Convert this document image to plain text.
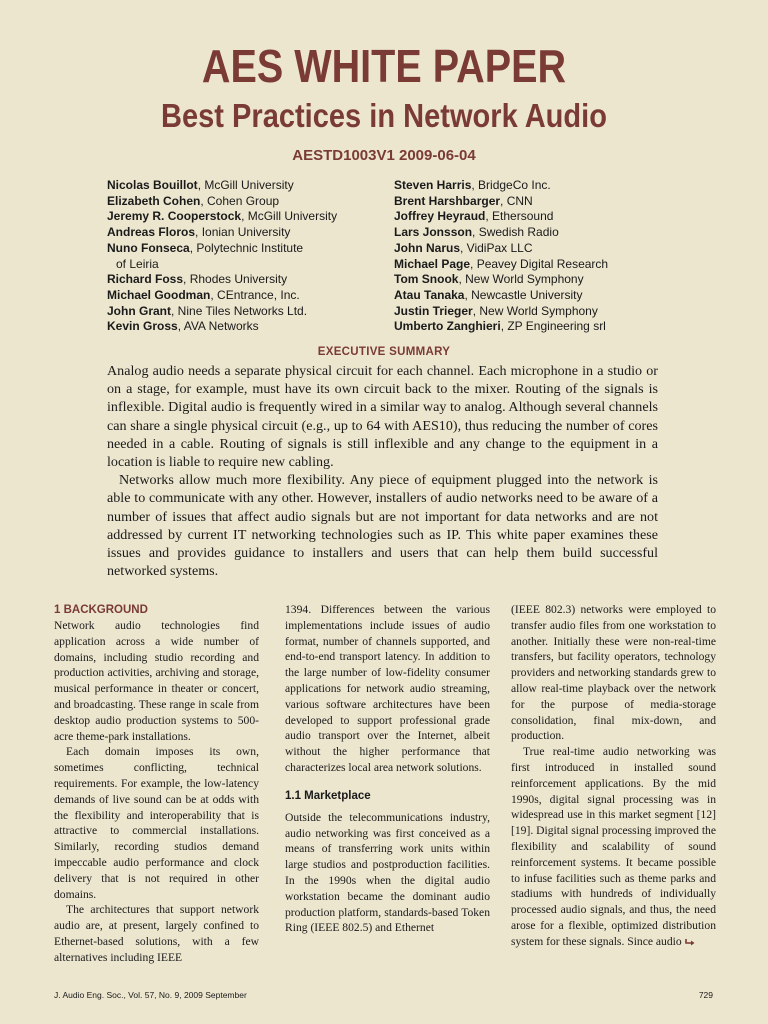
AES WHITE PAPER
Best Practices in Network Audio
AESTD1003V1 2009-06-04
Nicolas Bouillot, McGill University
Elizabeth Cohen, Cohen Group
Jeremy R. Cooperstock, McGill University
Andreas Floros, Ionian University
Nuno Fonseca, Polytechnic Institute
of Leiria
Richard Foss, Rhodes University
Michael Goodman, CEntrance, Inc.
John Grant, Nine Tiles Networks Ltd.
Kevin Gross, AVA Networks
Steven Harris, BridgeCo Inc.
Brent Harshbarger, CNN
Joffrey Heyraud, Ethersound
Lars Jonsson, Swedish Radio
John Narus, VidiPax LLC
Michael Page, Peavey Digital Research
Tom Snook, New World Symphony
Atau Tanaka, Newcastle University
Justin Trieger, New World Symphony
Umberto Zanghieri, ZP Engineering srl
EXECUTIVE SUMMARY

Analog audio needs a separate physical circuit for each channel. Each microphone in a studio or on a stage, for example, must have its own circuit back to the mixer. Routing of the signals is inflexible. Digital audio is frequently wired in a similar way to analog. Although several channels can share a single physical circuit (e.g., up to 64 with AES10), thus reducing the number of cores needed in a cable. Routing of signals is still inflexible and any change to the equipment in a location is liable to require new cabling.

Networks allow much more flexibility. Any piece of equipment plugged into the network is able to communicate with any other. However, installers of audio networks need to be aware of a number of issues that affect audio signals but are not important for data networks and are not addressed by current IT networking technologies such as IP. This white paper examines these issues and provides guidance to installers and users that can help them build successful networked systems.

1 BACKGROUND

Network audio technologies find application across a wide number of domains, including studio recording and production activities, archiving and storage, musical performance in theater or concert, and broadcasting. These range in scale from desktop audio production systems to 500-acre theme-park installations.

Each domain imposes its own, sometimes conflicting, technical requirements. For example, the low-latency demands of live sound can be at odds with the flexibility and interoperability that is attractive to commercial installations. Similarly, recording studios demand impeccable audio performance and clock delivery that is not required in other domains.

The architectures that support network audio are, at present, largely confined to Ethernet-based solutions, with a few alternatives including IEEE

1394. Differences between the various implementations include issues of audio format, number of channels supported, and end-to-end transport latency. In addition to the large number of low-fidelity consumer applications for network audio streaming, various software architectures have been developed to support professional grade audio transport over the Internet, albeit without the higher performance that characterizes local area network solutions.

1.1 Marketplace

Outside the telecommunications industry, audio networking was first conceived as a means of transferring work units within large studios and postproduction facilities. In the 1990s when the digital audio workstation became the dominant audio production platform, standards-based Token Ring (IEEE 802.5) and Ethernet

(IEEE 802.3) networks were employed to transfer audio files from one workstation to another. Initially these were non-real-time transfers, but facility operators, technology providers and networking standards grew to allow real-time playback over the network for the purpose of media-storage consolidation, final mix-down, and production.

True real-time audio networking was first introduced in installed sound reinforcement applications. By the mid 1990s, digital signal processing was in widespread use in this market segment [12][19]. Digital signal processing improved the flexibility and scalability of sound reinforcement systems. It became possible to infuse facilities such as theme parks and stadiums with hundreds of individually processed audio signals, and thus, the need arose for a flexible, optimized distribution system for these signals. Since audio

J. Audio Eng. Soc., Vol. 57, No. 9, 2009 September	729
